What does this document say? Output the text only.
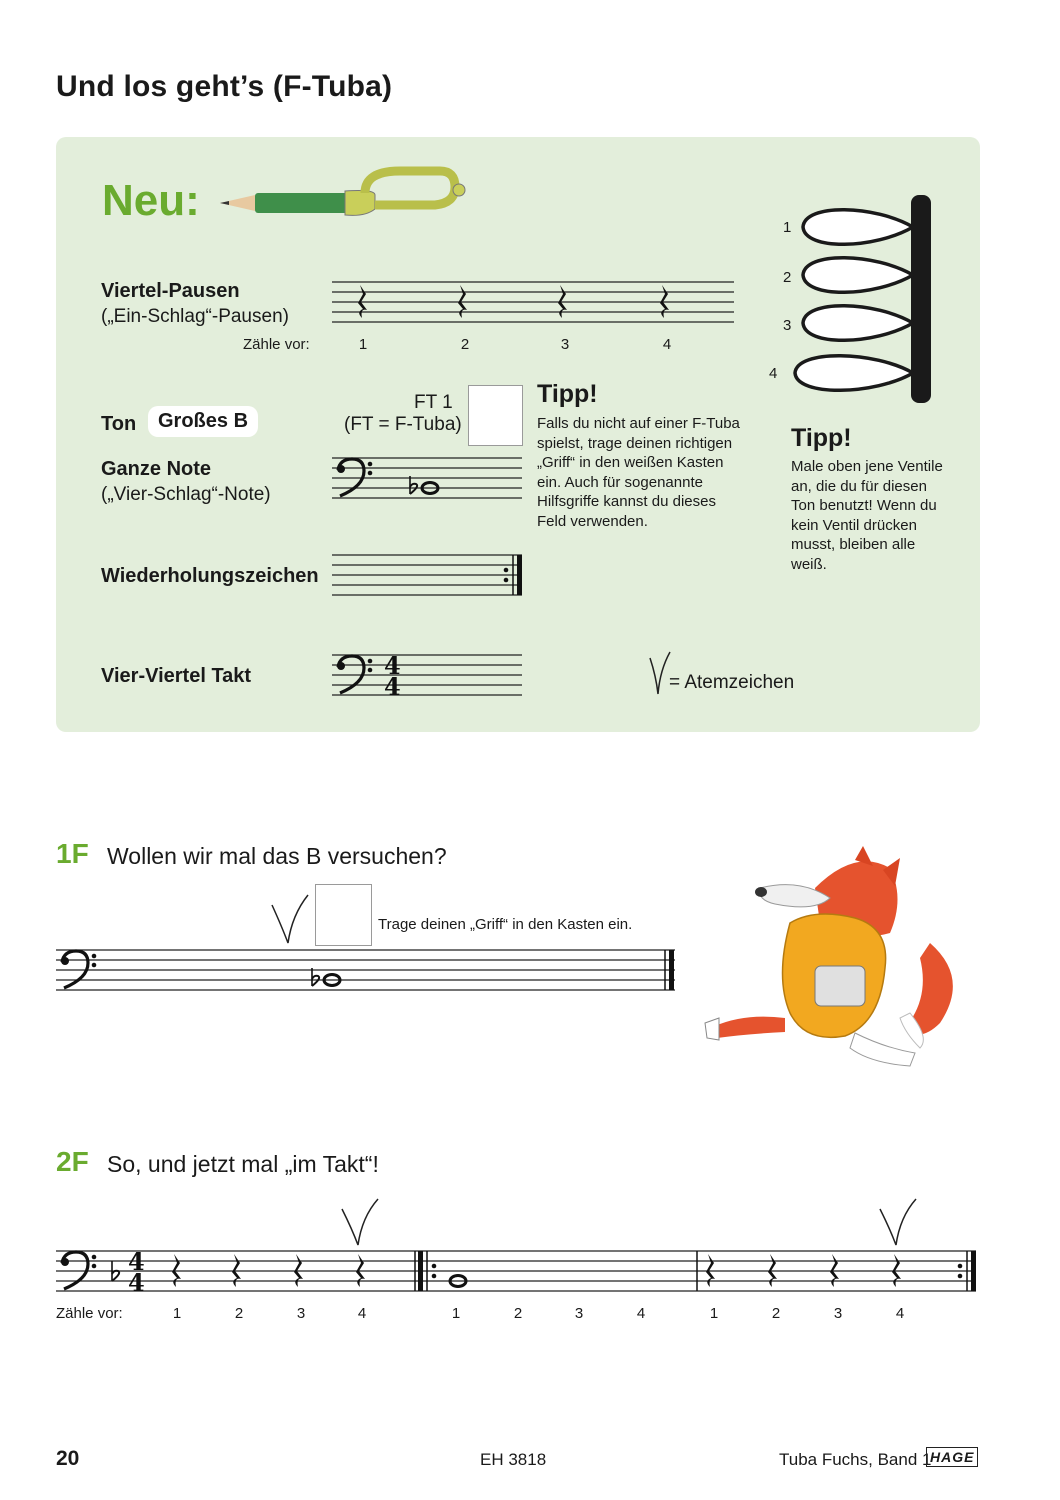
Und los geht’s (F-Tuba)
Neu:
Viertel-Pausen
(„Ein-Schlag“-Pausen)
Zähle vor:	1	2	3	4
Ton	Großes B
FT 1
(FT = F-Tuba)
Ganze Note
(„Vier-Schlag“-Note)
Tipp!
Falls du nicht auf einer F-Tuba
spielst, trage deinen richtigen
„Griff“ in den weißen Kasten
ein. Auch für sogenannte
Hilfsgriffe kannst du dieses
Feld verwenden.
1
2
3
4
Tipp!
Male oben jene Ventile
an, die du für diesen
Ton benutzt! Wenn du
kein Ventil drücken
musst, bleiben alle
weiß.
Wiederholungszeichen
Vier-Viertel Takt	4
4	= Atemzeichen
1F Wollen wir mal das B versuchen?
Trage deinen „Griff“ in den Kasten ein.
2F So, und jetzt mal „im Takt“!
4
4
Zähle vor:	1	2	3	4	1	2	3	4	1	2	3	4
20	EH 3818	Tuba Fuchs, Band 1
HAGE
